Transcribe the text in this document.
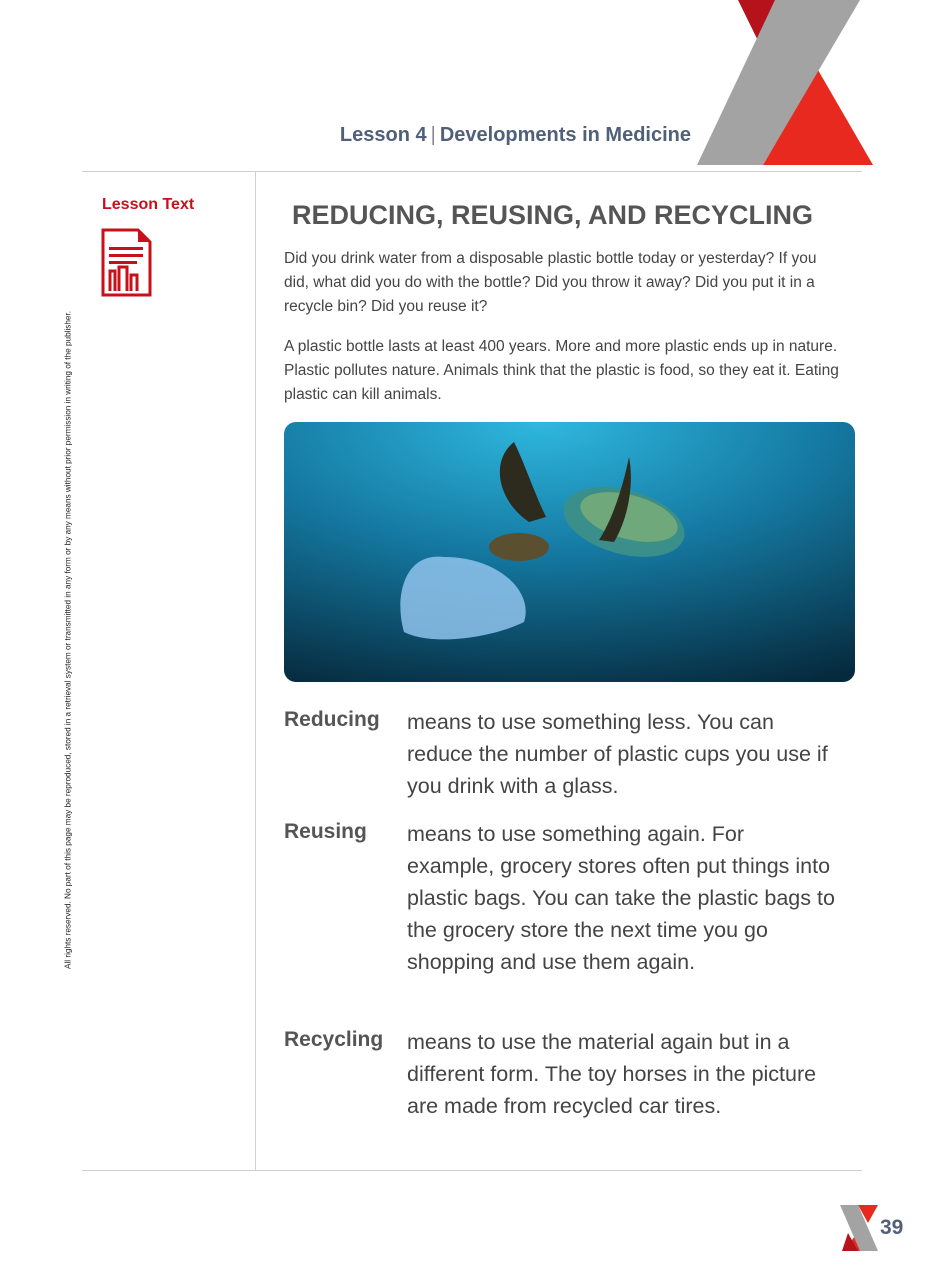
Lesson 4 | Developments in Medicine
Lesson Text
All rights reserved. No part of this page may be reproduced, stored in a retrieval system or transmitted in any form or by any means without prior permission in writing of the publisher.
REDUCING, REUSING, AND RECYCLING
Did you drink water from a disposable plastic bottle today or yesterday? If you did, what did you do with the bottle? Did you throw it away? Did you put it in a recycle bin? Did you reuse it?
A plastic bottle lasts at least 400 years. More and more plastic ends up in nature. Plastic pollutes nature. Animals think that the plastic is food, so they eat it. Eating plastic can kill animals.
Reducing means to use something less. You can reduce the number of plastic cups you use if you drink with a glass.
Reusing means to use something again. For example, grocery stores often put things into plastic bags. You can take the plastic bags to the grocery store the next time you go shopping and use them again.
Recycling means to use the material again but in a different form. The toy horses in the picture are made from recycled car tires.
39
